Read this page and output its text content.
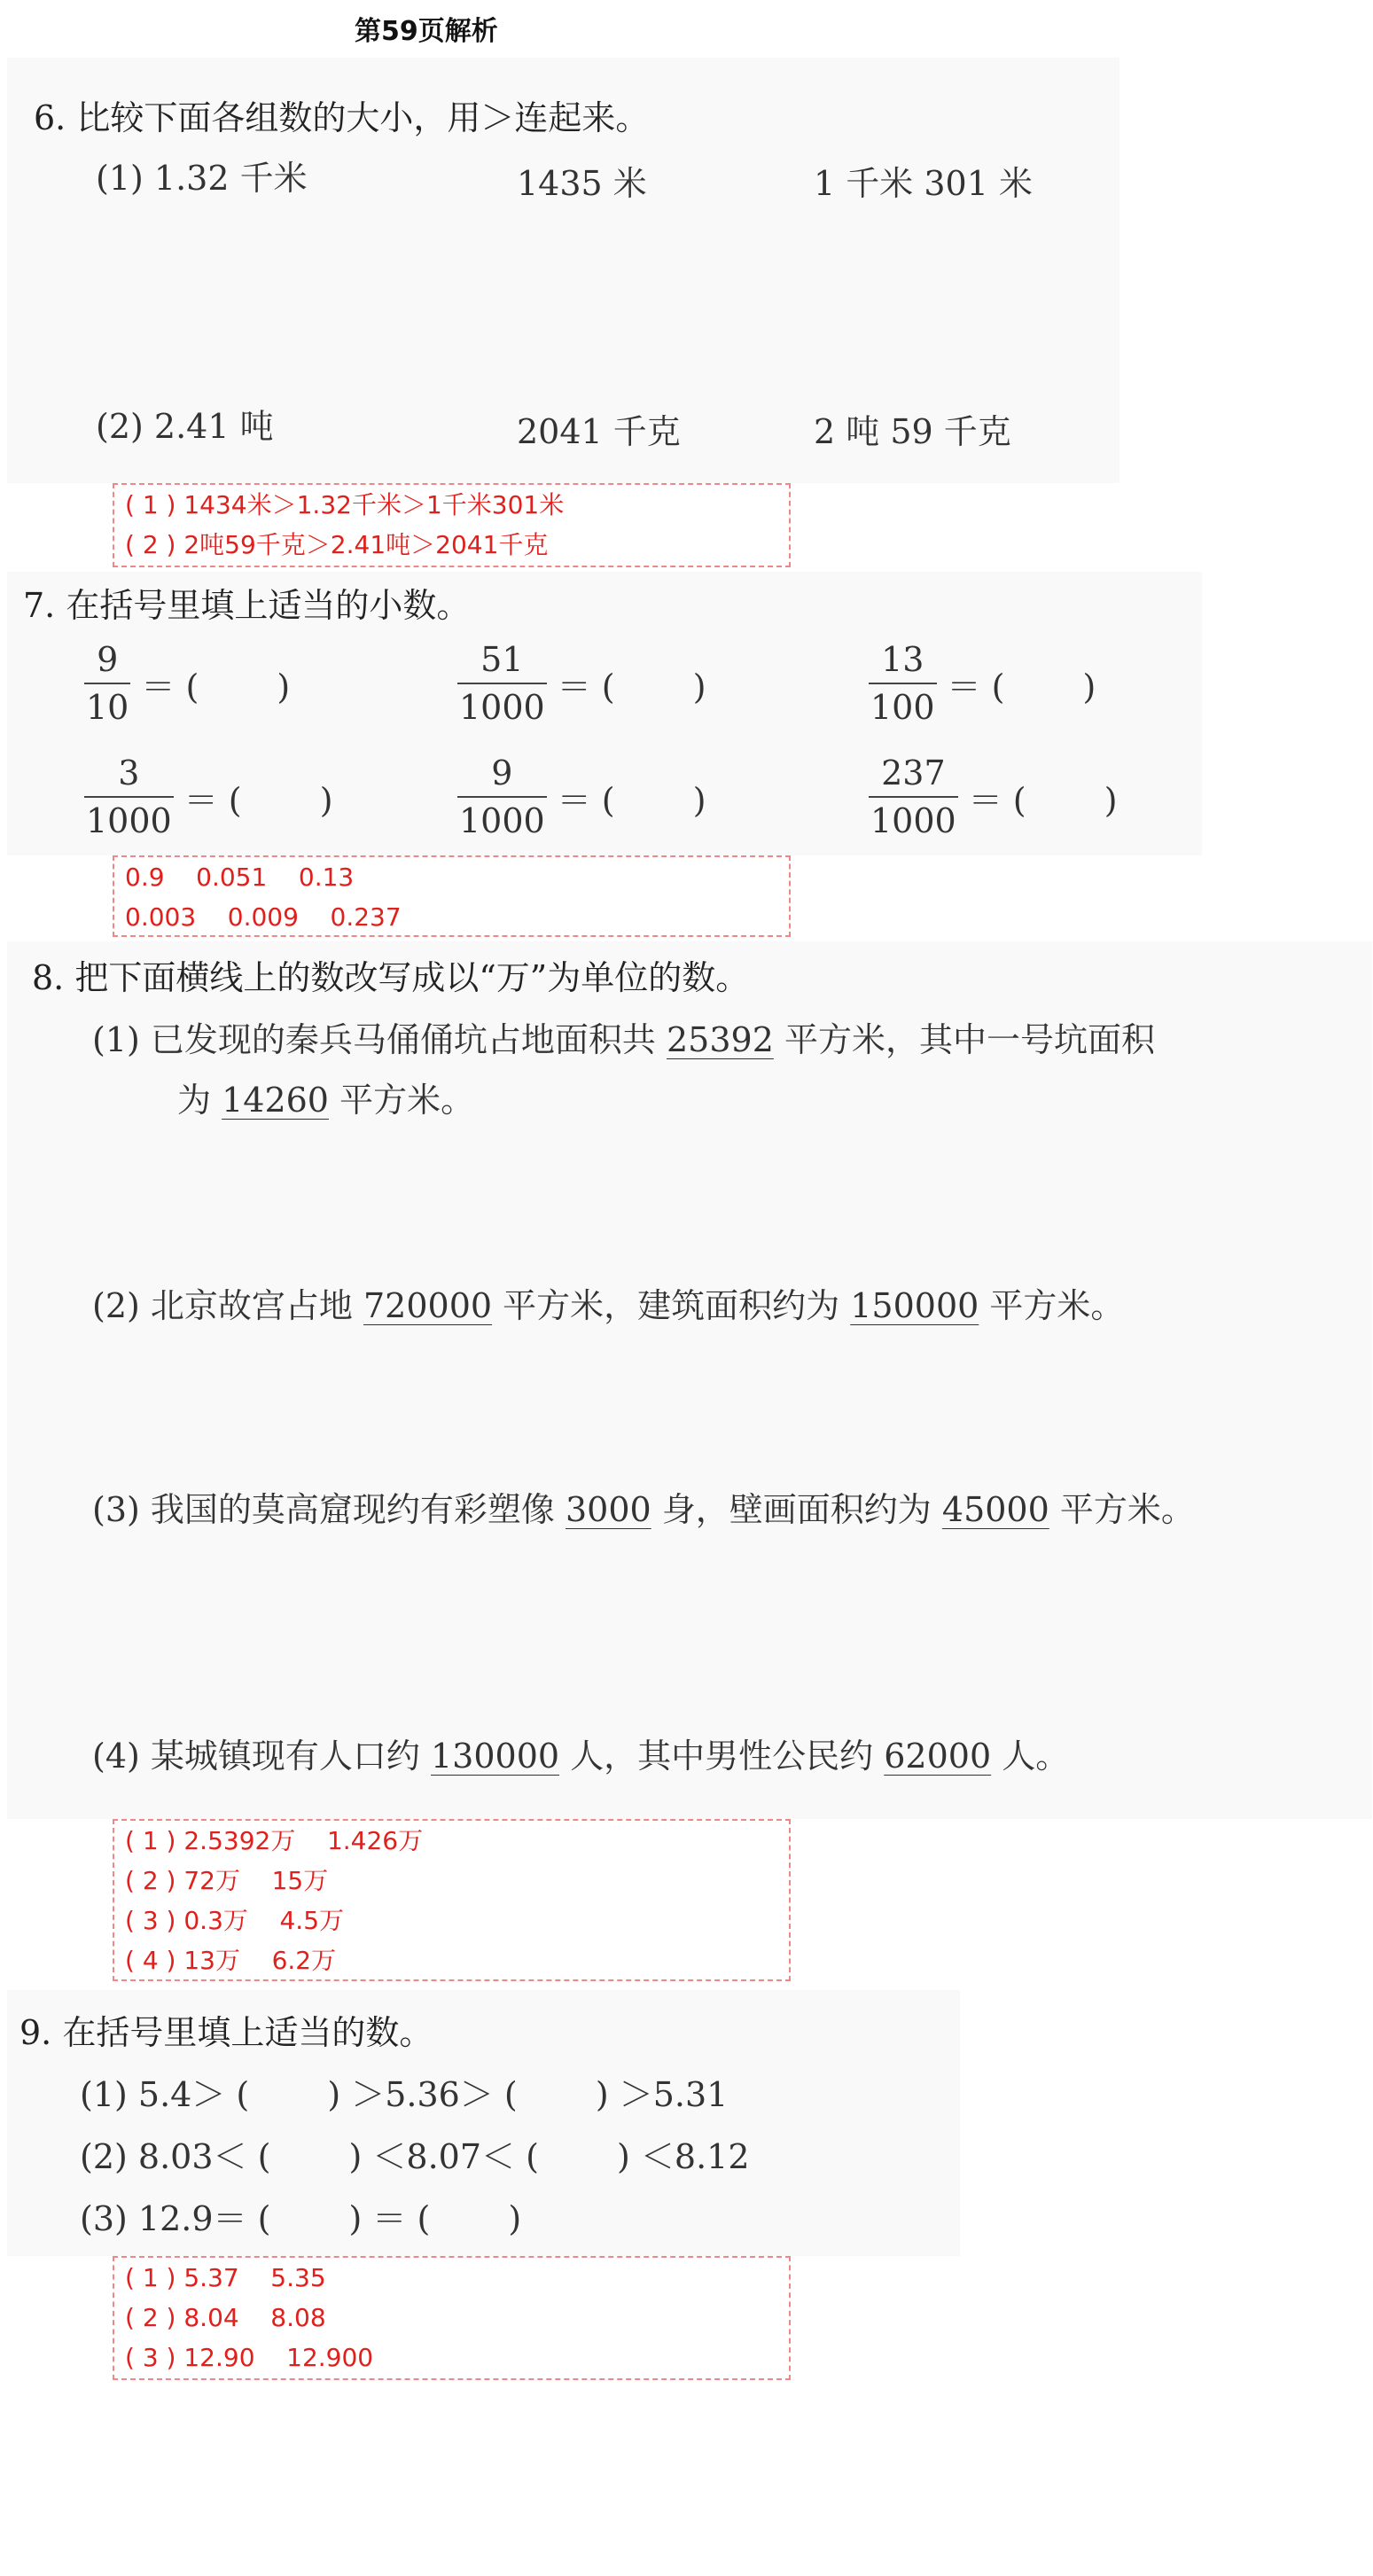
第59页解析
6. 比较下面各组数的大小，用＞连起来。
(1) 1.32 千米	1435 米	1 千米 301 米
(2) 2.41 吨	2041 千克	2 吨 59 千克
( 1 ) 1434米＞1.32千米＞1千米301米
( 2 ) 2吨59千克＞2.41吨＞2041千克
7. 在括号里填上适当的小数。
$\frac{9}{10}$ ＝ (　　 )	$\frac{51}{1000}$ ＝ (　　 )	$\frac{13}{100}$ ＝ (　　 )
$\frac{3}{1000}$ ＝ (　　 )	$\frac{9}{1000}$ ＝ (　　 )	$\frac{237}{1000}$ ＝ (　　 )
0.9    0.051    0.13
0.003    0.009    0.237
8. 把下面横线上的数改写成以“万”为单位的数。
(1) 已发现的秦兵马俑俑坑占地面积共 25392 平方米，其中一号坑面积
为 14260 平方米。
(2) 北京故宫占地 720000 平方米，建筑面积约为 150000 平方米。
(3) 我国的莫高窟现约有彩塑像 3000 身，壁画面积约为 45000 平方米。
(4) 某城镇现有人口约 130000 人，其中男性公民约 62000 人。
( 1 ) 2.5392万    1.426万
( 2 ) 72万    15万
( 3 ) 0.3万    4.5万
( 4 ) 13万    6.2万
9. 在括号里填上适当的数。
(1) 5.4＞ (　　 ) ＞5.36＞ (　　 ) ＞5.31
(2) 8.03＜ (　　 ) ＜8.07＜ (　　 ) ＜8.12
(3) 12.9＝ (　　 ) ＝ (　　 )
( 1 ) 5.37    5.35
( 2 ) 8.04    8.08
( 3 ) 12.90    12.900
